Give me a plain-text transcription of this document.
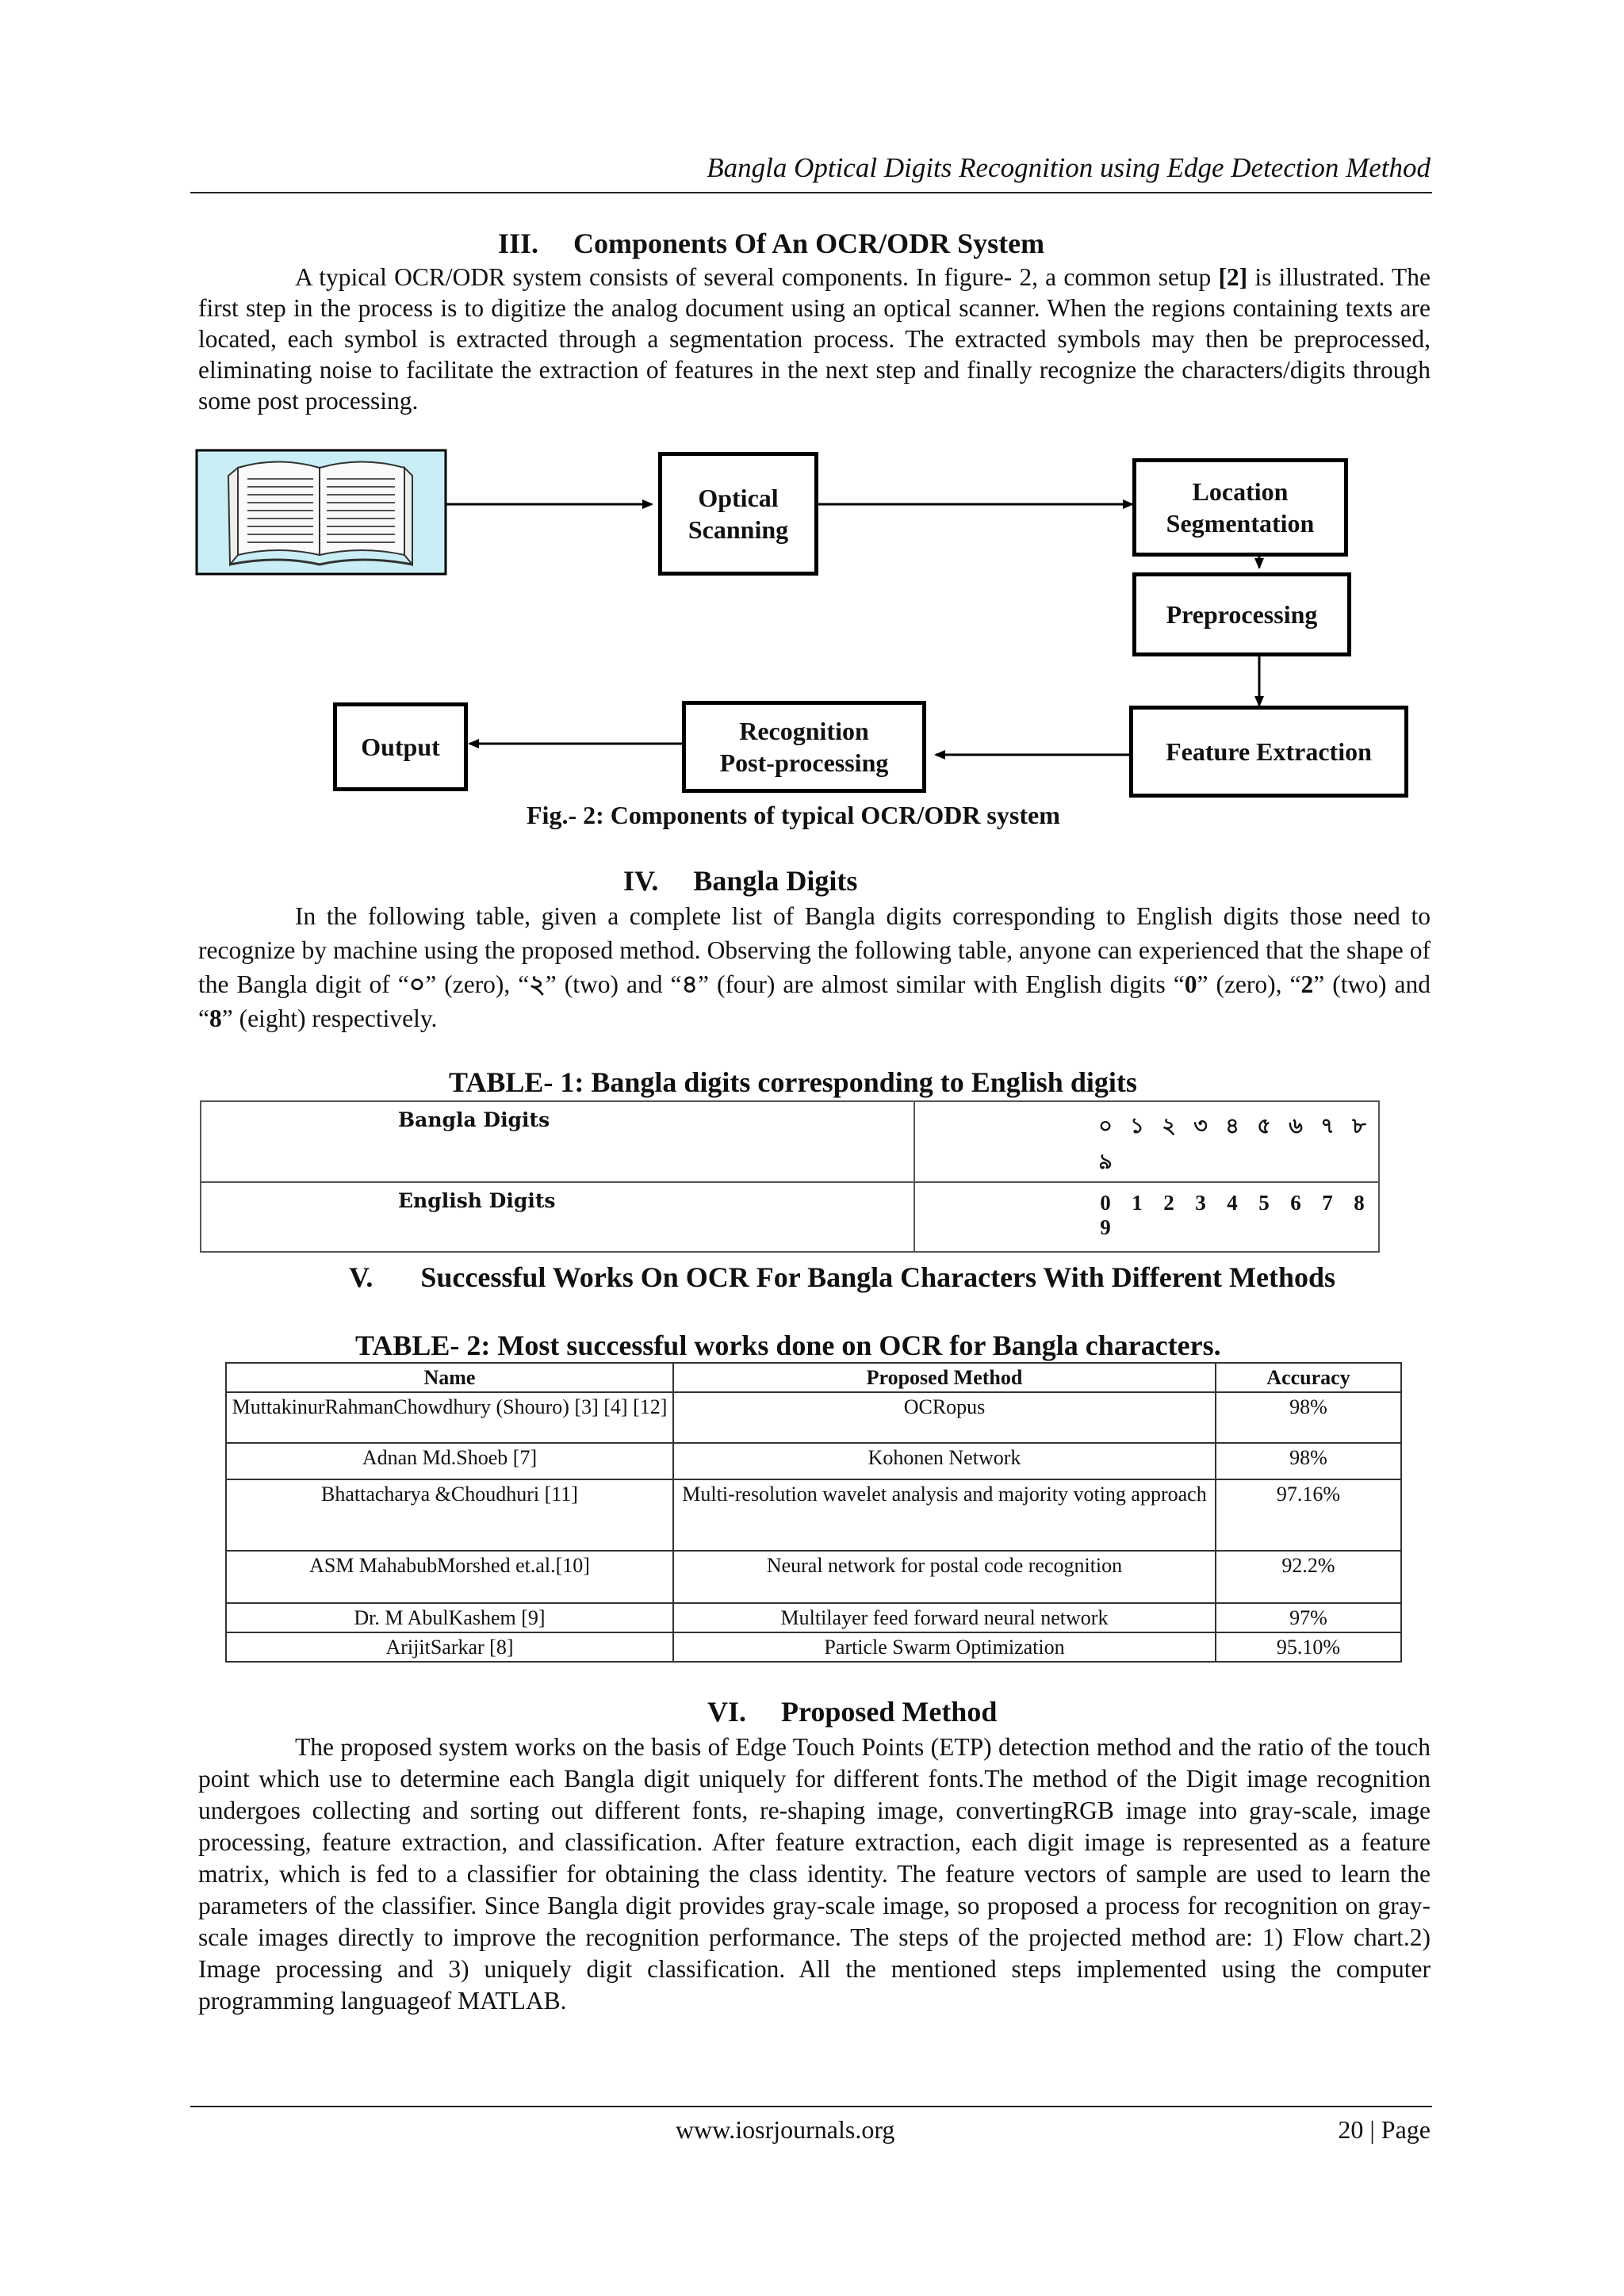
Bangla Optical Digits Recognition using Edge Detection Method
III. Components Of An OCR/ODR System
A typical OCR/ODR system consists of several components. In figure- 2, a common setup [2] is illustrated. The first step in the process is to digitize the analog document using an optical scanner. When the regions containing texts are located, each symbol is extracted through a segmentation process. The extracted symbols may then be preprocessed, eliminating noise to facilitate the extraction of features in the next step and finally recognize the characters/digits through some post processing.
Optical
Scanning
Location
Segmentation
Preprocessing
Feature Extraction
Recognition
Post-processing
Output
Fig.- 2: Components of typical OCR/ODR system
IV. Bangla Digits
In the following table, given a complete list of Bangla digits corresponding to English digits those need to recognize by machine using the proposed method. Observing the following table, anyone can experienced that the shape of the Bangla digit of “০” (zero), “২” (two) and “৪” (four) are almost similar with English digits “0” (zero), “2” (two) and “8” (eight) respectively.
TABLE- 1: Bangla digits corresponding to English digits
Bangla Digits	০ ১ ২ ৩ ৪ ৫ ৬ ৭ ৮৯
English Digits	0 1 2 3 4 5 6 7 89
V. Successful Works On OCR For Bangla Characters With Different Methods
TABLE- 2: Most successful works done on OCR for Bangla characters.
Name	Proposed Method	Accuracy
MuttakinurRahmanChowdhury (Shouro) [3] [4] [12]	OCRopus	98%
Adnan Md.Shoeb [7]	Kohonen Network	98%
Bhattacharya &Choudhuri [11]	Multi-resolution wavelet analysis and majority voting approach	97.16%
ASM MahabubMorshed et.al.[10]	Neural network for postal code recognition	92.2%
Dr. M AbulKashem [9]	Multilayer feed forward neural network	97%
ArijitSarkar [8]	Particle Swarm Optimization	95.10%
VI. Proposed Method
The proposed system works on the basis of Edge Touch Points (ETP) detection method and the ratio of the touch point which use to determine each Bangla digit uniquely for different fonts.The method of the Digit image recognition undergoes collecting and sorting out different fonts, re-shaping image, convertingRGB image into gray-scale, image processing, feature extraction, and classification. After feature extraction, each digit image is represented as a feature matrix, which is fed to a classifier for obtaining the class identity. The feature vectors of sample are used to learn the parameters of the classifier. Since Bangla digit provides gray-scale image, so proposed a process for recognition on gray-scale images directly to improve the recognition performance. The steps of the projected method are: 1) Flow chart.2) Image processing and 3) uniquely digit classification. All the mentioned steps implemented using the computer programming languageof MATLAB.
www.iosrjournals.org	20 | Page
